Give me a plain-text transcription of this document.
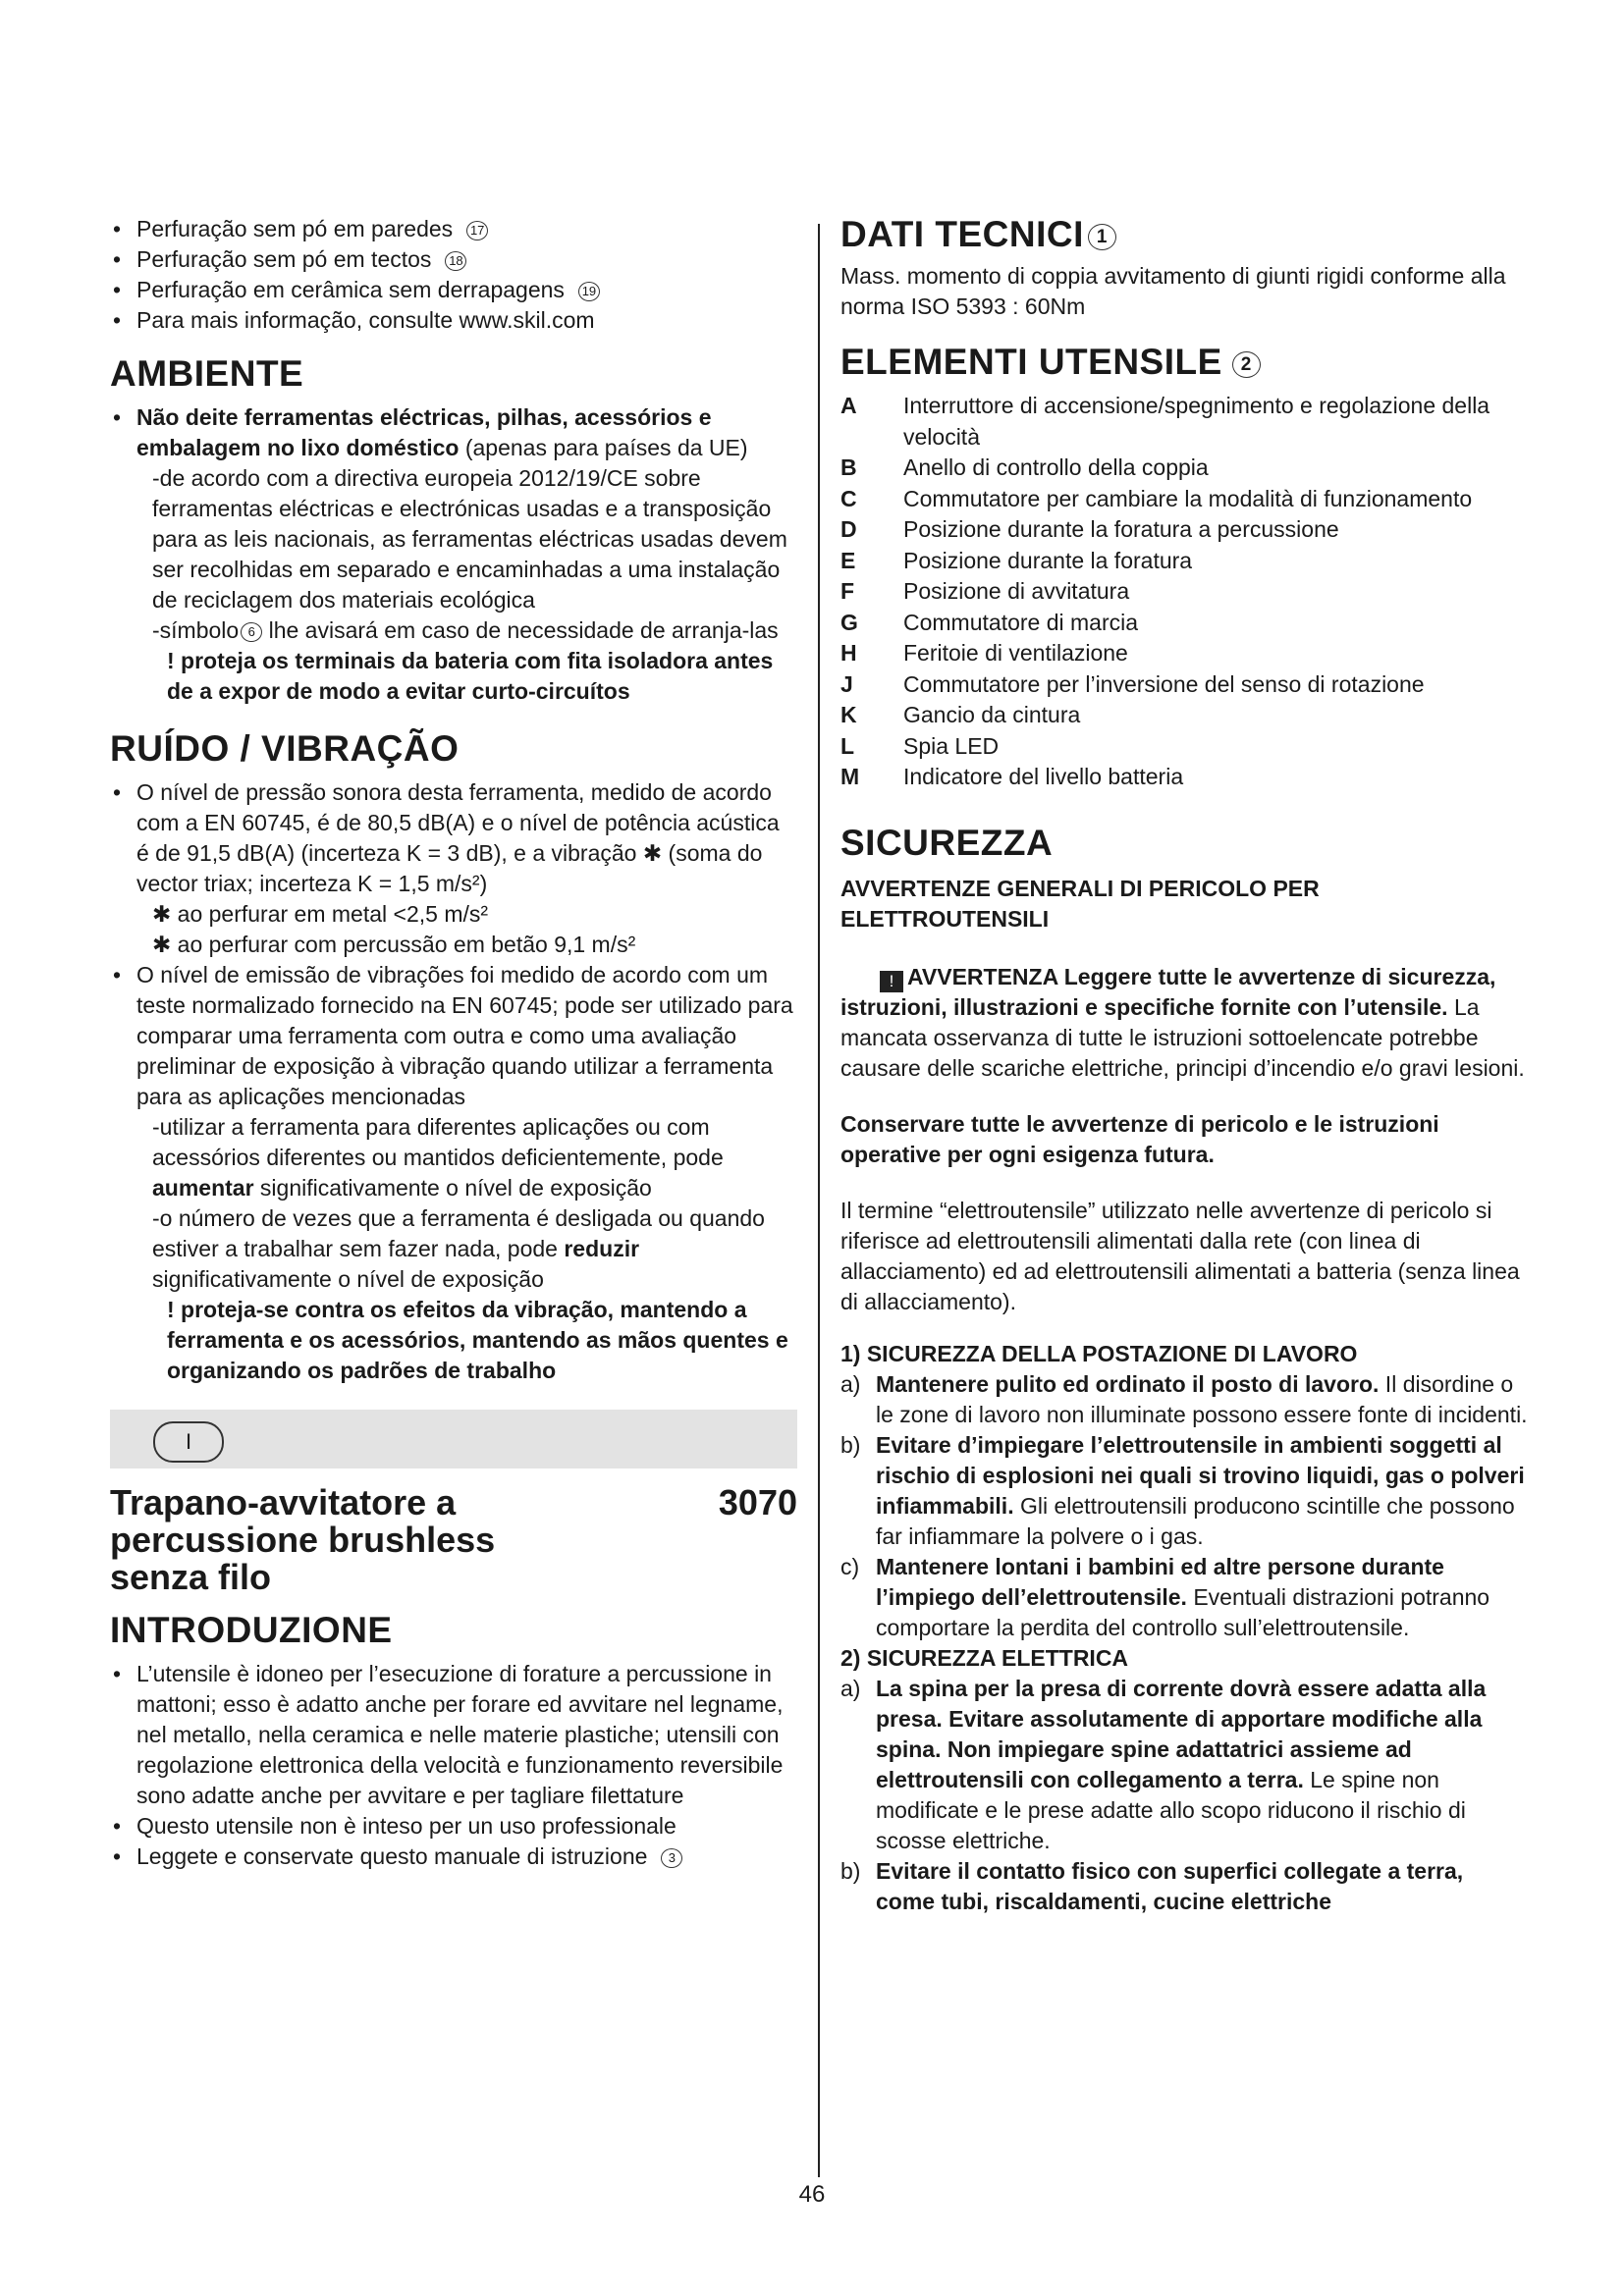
• Perfuração sem pó em paredes 17
• Perfuração sem pó em tectos 18
• Perfuração em cerâmica sem derrapagens 19
• Para mais informação, consulte www.skil.com
AMBIENTE
• Não deite ferramentas eléctricas, pilhas, acessórios e embalagem no lixo doméstico (apenas para países da UE)
-de acordo com a directiva europeia 2012/19/CE sobre ferramentas eléctricas e electrónicas usadas e a transposição para as leis nacionais, as ferramentas eléctricas usadas devem ser recolhidas em separado e encaminhadas a uma instalação de reciclagem dos materiais ecológica
-símbolo 6 lhe avisará em caso de necessidade de arranja-las
! proteja os terminais da bateria com fita isoladora antes de a expor de modo a evitar curto-circuítos
RUÍDO / VIBRAÇÃO
• O nível de pressão sonora desta ferramenta, medido de acordo com a EN 60745, é de 80,5 dB(A) e o nível de potência acústica é de 91,5 dB(A) (incerteza K = 3 dB), e a vibração ✱ (soma do vector triax; incerteza K = 1,5 m/s²)
✱ ao perfurar em metal <2,5 m/s²
✱ ao perfurar com percussão em betão 9,1 m/s²
• O nível de emissão de vibrações foi medido de acordo com um teste normalizado fornecido na EN 60745; pode ser utilizado para comparar uma ferramenta com outra e como uma avaliação preliminar de exposição à vibração quando utilizar a ferramenta para as aplicações mencionadas
-utilizar a ferramenta para diferentes aplicações ou com acessórios diferentes ou mantidos deficientemente, pode aumentar significativamente o nível de exposição
-o número de vezes que a ferramenta é desligada ou quando estiver a trabalhar sem fazer nada, pode reduzir significativamente o nível de exposição
! proteja-se contra os efeitos da vibração, mantendo a ferramenta e os acessórios, mantendo as mãos quentes e organizando os padrões de trabalho
I
Trapano-avvitatore a percussione brushless senza filo
3070
INTRODUZIONE
• L’utensile è idoneo per l’esecuzione di forature a percussione in mattoni; esso è adatto anche per forare ed avvitare nel legname, nel metallo, nella ceramica e nelle materie plastiche; utensili con regolazione elettronica della velocità e funzionamento reversibile sono adatte anche per avvitare e per tagliare filettature
• Questo utensile non è inteso per un uso professionale
• Leggete e conservate questo manuale di istruzione 3
DATI TECNICI 1
Mass. momento di coppia avvitamento di giunti rigidi conforme alla norma ISO 5393 : 60Nm
ELEMENTI UTENSILE 2
A	Interruttore di accensione/spegnimento e regolazione della velocità
B	Anello di controllo della coppia
C	Commutatore per cambiare la modalità di funzionamento
D	Posizione durante la foratura a percussione
E	Posizione durante la foratura
F	Posizione di avvitatura
G	Commutatore di marcia
H	Feritoie di ventilazione
J	Commutatore per l’inversione del senso di rotazione
K	Gancio da cintura
L	Spia LED
M	Indicatore del livello batteria
SICUREZZA
AVVERTENZE GENERALI DI PERICOLO PER ELETTROUTENSILI
! AVVERTENZA Leggere tutte le avvertenze di sicurezza, istruzioni, illustrazioni e specifiche fornite con l’utensile. La mancata osservanza di tutte le istruzioni sottoelencate potrebbe causare delle scariche elettriche, principi d’incendio e/o gravi lesioni.
Conservare tutte le avvertenze di pericolo e le istruzioni operative per ogni esigenza futura.
Il termine “elettroutensile” utilizzato nelle avvertenze di pericolo si riferisce ad elettroutensili alimentati dalla rete (con linea di allacciamento) ed ad elettroutensili alimentati a batteria (senza linea di allacciamento).
1) SICUREZZA DELLA POSTAZIONE DI LAVORO
a) Mantenere pulito ed ordinato il posto di lavoro. Il disordine o le zone di lavoro non illuminate possono essere fonte di incidenti.
b) Evitare d’impiegare l’elettroutensile in ambienti soggetti al rischio di esplosioni nei quali si trovino liquidi, gas o polveri infiammabili. Gli elettroutensili producono scintille che possono far infiammare la polvere o i gas.
c) Mantenere lontani i bambini ed altre persone durante l’impiego dell’elettroutensile. Eventuali distrazioni potranno comportare la perdita del controllo sull’elettroutensile.
2) SICUREZZA ELETTRICA
a) La spina per la presa di corrente dovrà essere adatta alla presa. Evitare assolutamente di apportare modifiche alla spina. Non impiegare spine adattatrici assieme ad elettroutensili con collegamento a terra. Le spine non modificate e le prese adatte allo scopo riducono il rischio di scosse elettriche.
b) Evitare il contatto fisico con superfici collegate a terra, come tubi, riscaldamenti, cucine elettriche
46
